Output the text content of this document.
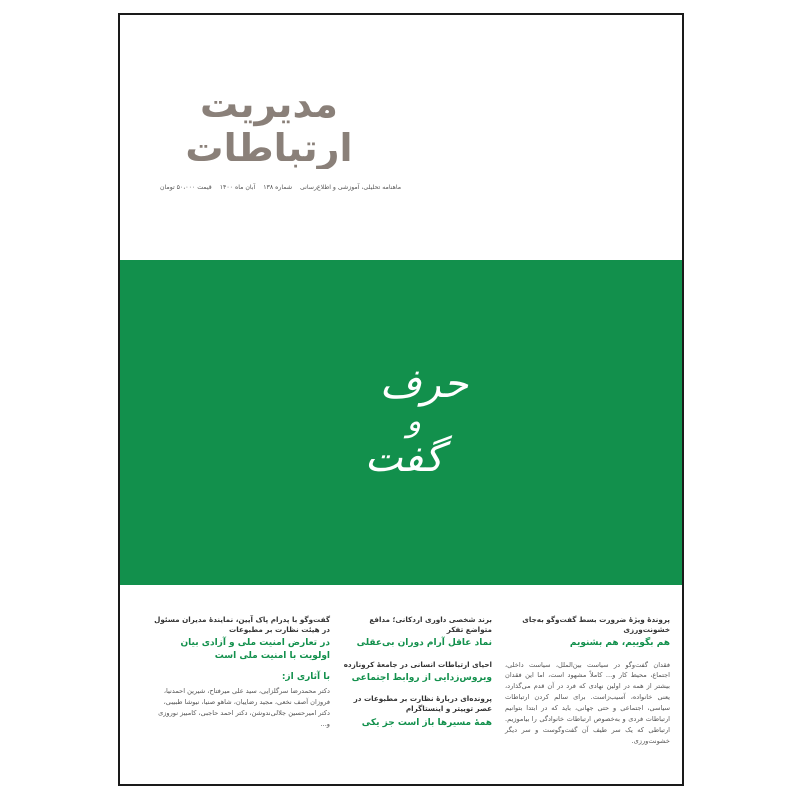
مدیریت
ارتباطات
ماهنامه تحلیلی، آموزشی و اطلاع‌رسانی شماره ۱۳۸ آبان ماه ۱۴۰۰ قیمت ۵۰،۰۰۰ تومان
حرف
و
گفت

پروندۀ ویژۀ ضرورت بسط گفت‌وگو به‌جای خشونت‌ورزی

هم بگوییم، هم بشنویم

فقدان گفت‌وگو در سیاست بین‌الملل، سیاست داخلی، اجتماع، محیط کار و... کاملاً مشهود است، اما این فقدان بیشتر از همه در اولین نهادی که فرد در آن قدم می‌گذارد، یعنی خانواده، آسیب‌زاست. برای سالم کردن ارتباطات سیاسی، اجتماعی و حتی جهانی، باید که در ابتدا بتوانیم ارتباطات فردی و به‌خصوص ارتباطات خانوادگی را بیاموزیم. ارتباطی که یک سر طیف آن گفت‌وگوست و سر دیگر خشونت‌ورزی.

برند شخصی داوری اردکانی؛ مدافع متواضع تفکر

نماد عاقل آرام دوران بی‌عقلی

احیای ارتباطات انسانی در جامعۀ کرونازده

ویروس‌زدایی از روابط اجتماعی

پرونده‌ای دربارۀ نظارت بر مطبوعات در عصر توییتر و اینستاگرام

همۀ مسیرها باز است جز یکی

گفت‌وگو با پدرام پاک آیین، نمایندۀ مدیران مسئول در هیئت نظارت بر مطبوعات

در تعارض امنیت ملی و آزادی بیان اولویت با امنیت ملی است

با آثاری از:

دکتر محمدرضا سرگلزایی، سید علی میرفتاح، شیرین احمدنیا، فروزان آصف نخعی، مجید رضاییان، شاهو صنیا، نیوشا طبیبی، دکتر امیرحسین جلالی‌ندوشن، دکتر احمد حاجبی، کامبیز نوروزی و...
